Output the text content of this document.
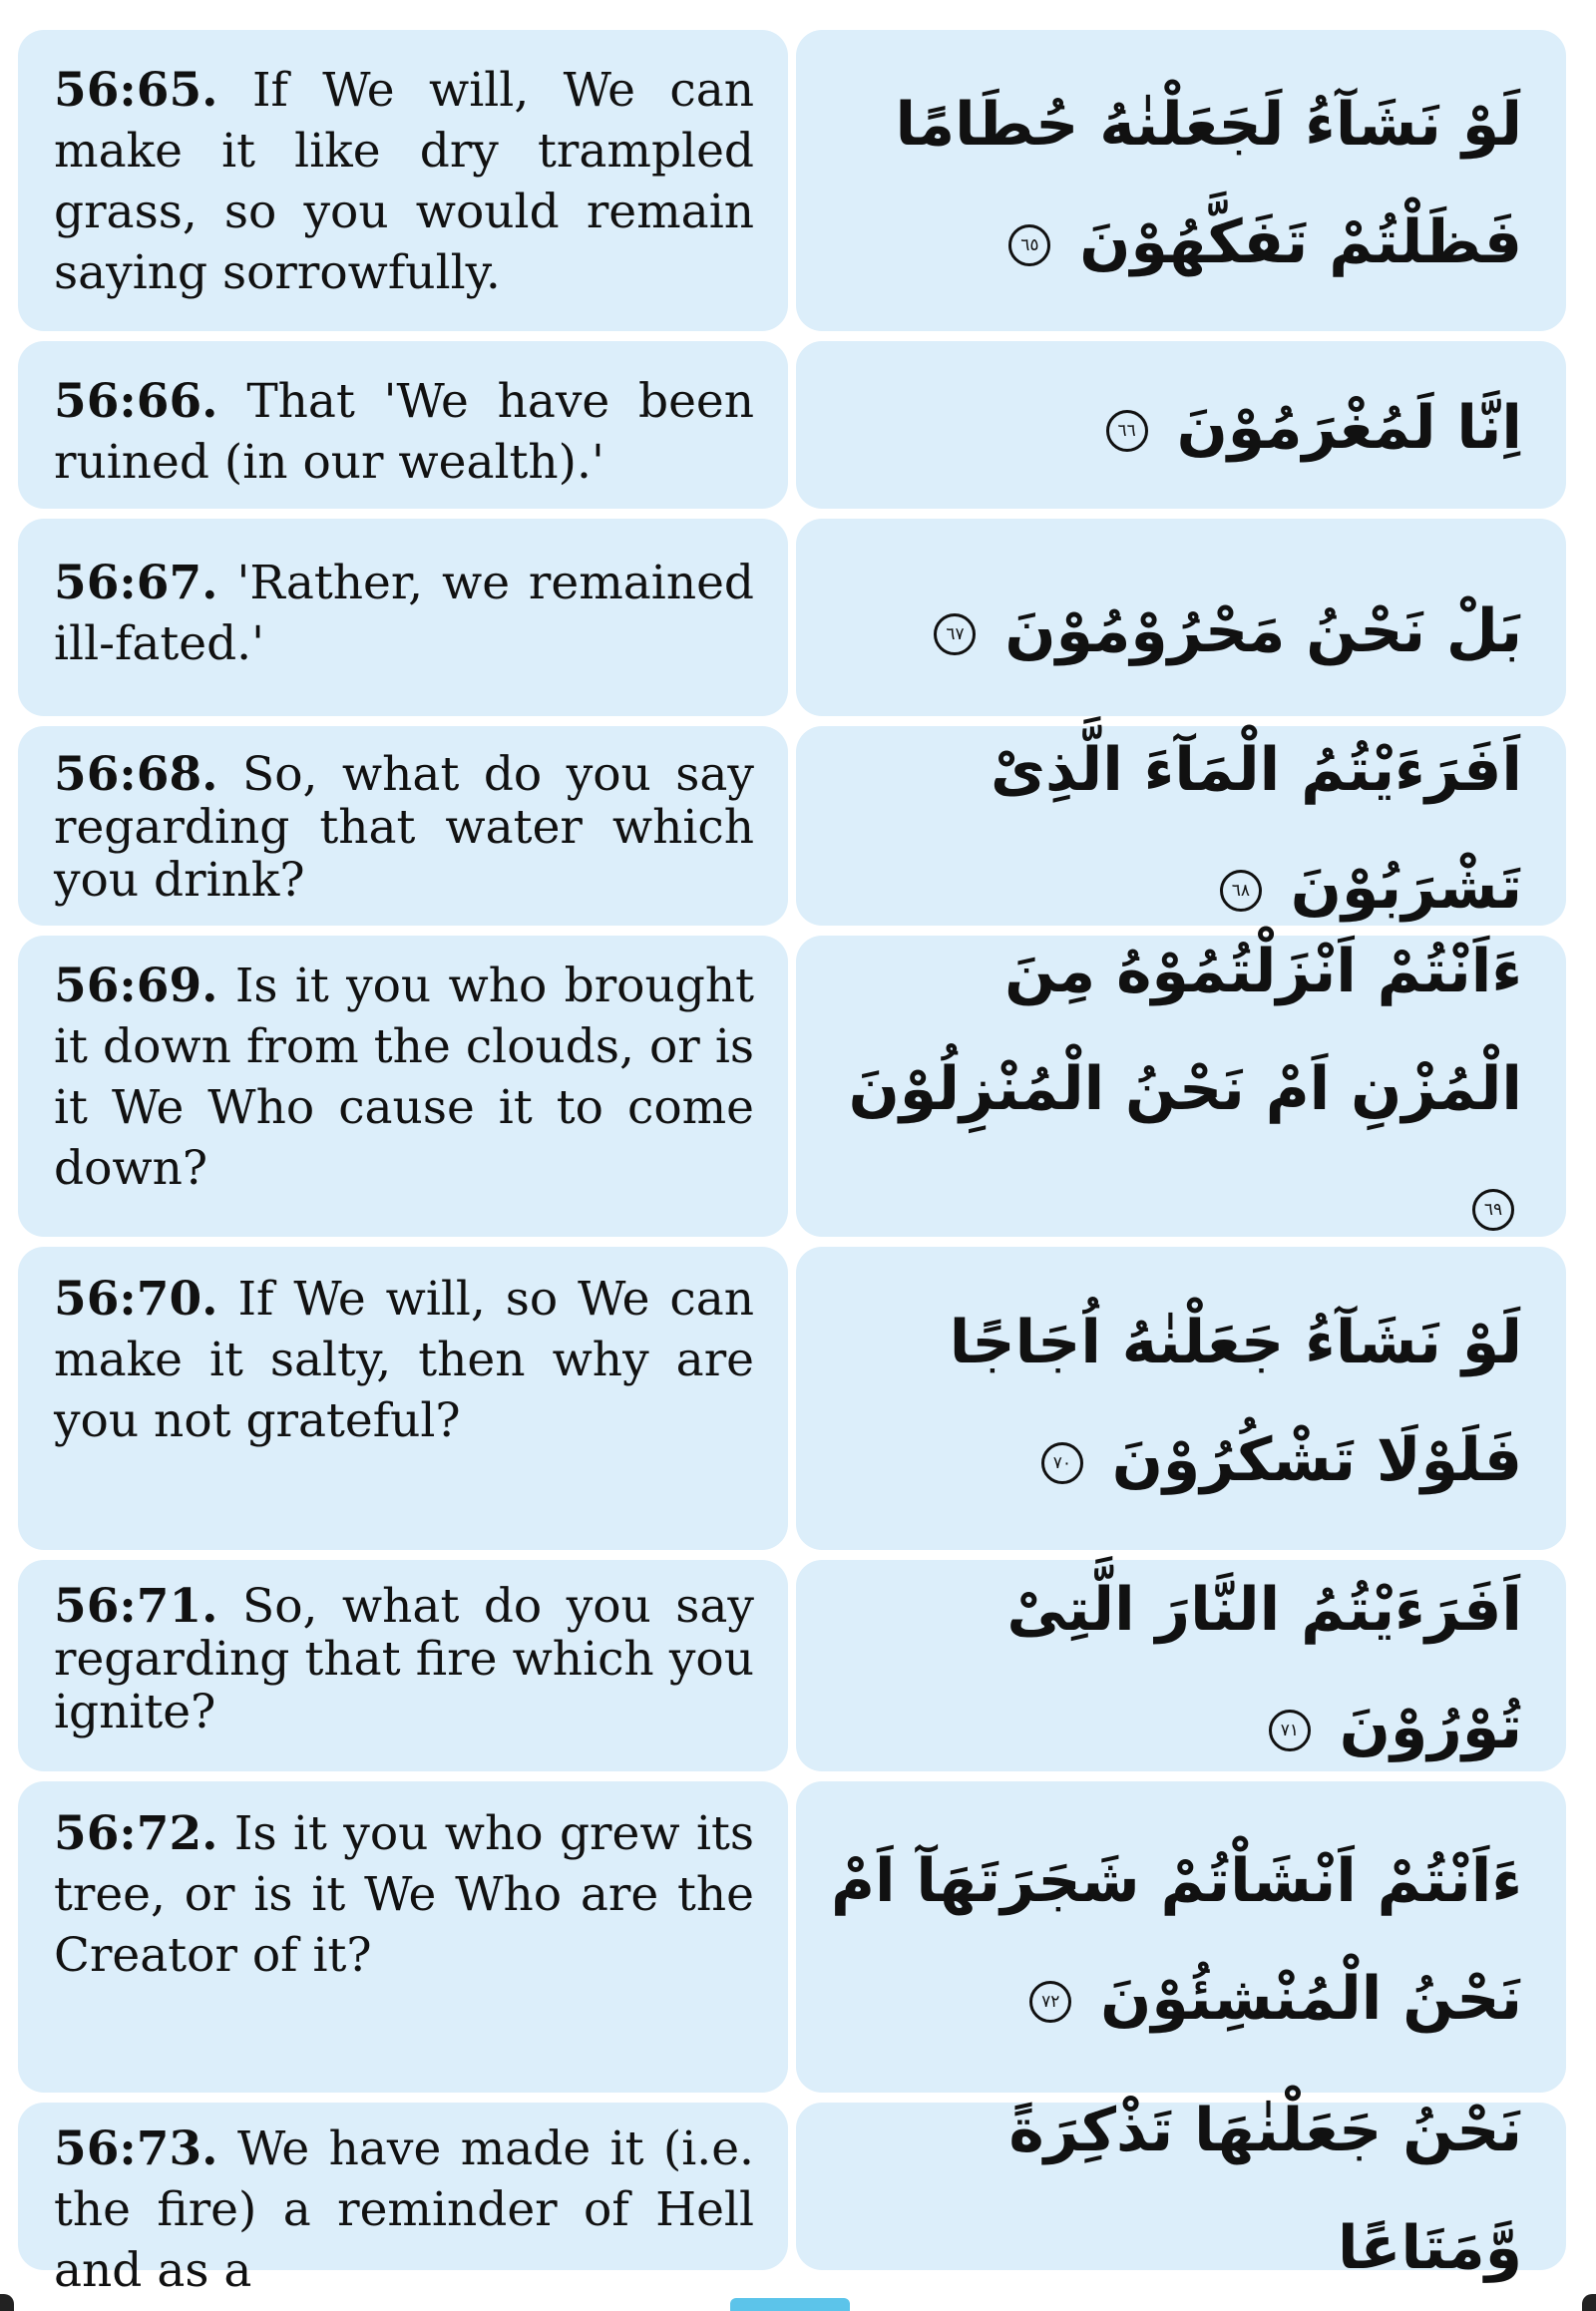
56:65. If We will, We can make it like dry trampled grass, so you would remain saying sorrowfully.
لَوْ نَشَآءُ لَجَعَلْنٰهُ حُطَامًا فَظَلْتُمْ تَفَكَّهُوْنَ ٦٥
56:66. That 'We have been ruined (in our wealth).'	اِنَّا لَمُغْرَمُوْنَ ٦٦
56:67. 'Rather, we remained ill-fated.'	بَلْ نَحْنُ مَحْرُوْمُوْنَ ٦٧
56:68. So, what do you say regarding that water which you drink?
اَفَرَءَيْتُمُ الْمَآءَ الَّذِیْ تَشْرَبُوْنَ ٦٨
56:69. Is it you who brought it down from the clouds, or is it We Who cause it to come down?
ءَاَنْتُمْ اَنْزَلْتُمُوْهُ مِنَ الْمُزْنِ اَمْ نَحْنُ الْمُنْزِلُوْنَ ٦٩
56:70. If We will, so We can make it salty, then why are you not grateful?
لَوْ نَشَآءُ جَعَلْنٰهُ اُجَاجًا فَلَوْلَا تَشْكُرُوْنَ ٧٠
56:71. So, what do you say regarding that fire which you ignite?
اَفَرَءَيْتُمُ النَّارَ الَّتِیْ تُوْرُوْنَ ٧١
56:72. Is it you who grew its tree, or is it We Who are the Creator of it?
ءَاَنْتُمْ اَنْشَاْتُمْ شَجَرَتَهَآ اَمْ نَحْنُ الْمُنْشِئُوْنَ ٧٢
56:73. We have made it (i.e. the fire) a reminder of Hell and as a
نَحْنُ جَعَلْنٰهَا تَذْكِرَةً وَّمَتَاعًا
